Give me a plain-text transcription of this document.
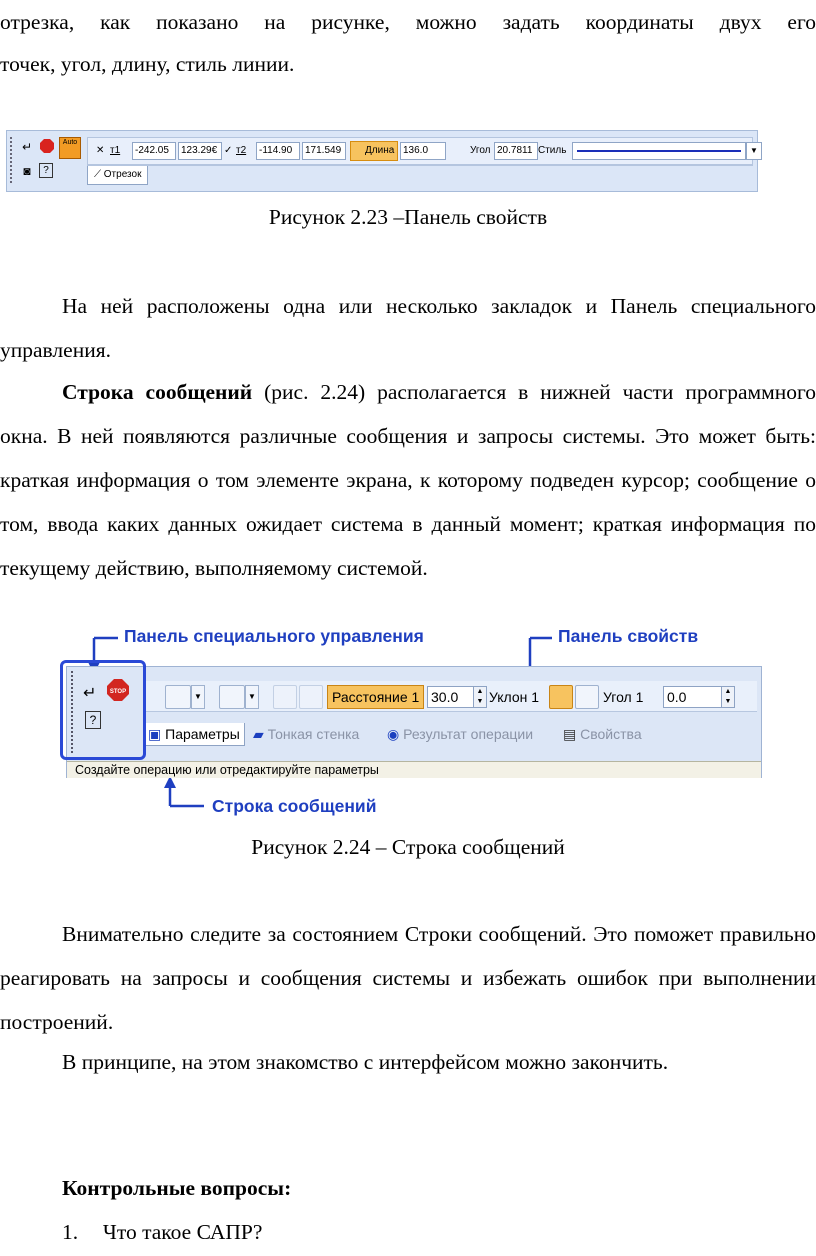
отрезка, как показано на рисунке, можно задать координаты двух его

точек, угол, длину, стиль линии.

↵	Auto
◙	?
✕ т1	-242.05	123.29€ ✓ т2	-114.90	171.549	Длина 136.0	Угол 20.7811 Стиль	▼
⟋ Отрезок

Рисунок 2.23 –Панель свойств

На ней расположены одна или несколько закладок и Панель специального управления.

Строка сообщений (рис. 2.24) располагается в нижней части программного окна. В ней появляются различные сообщения и запросы системы. Это может быть: краткая информация о том элементе экрана, к которому подведен курсор; сообщение о том, ввода каких данных ожидает система в данный момент; краткая информация по текущему действию, выполняемому системой.

Панель специального управления	Панель свойств
↵ STOP
?
▼	▼	Расстояние 1 30.0	▲
▼ Уклон 1	Угол 1 0.0	▲
▼
▣ Параметры ▰ Тонкая стенка ◉ Результат операции ▤ Свойства
Создайте операцию или отредактируйте параметры
Строка сообщений

Рисунок 2.24 – Строка сообщений

Внимательно следите за состоянием Строки сообщений. Это поможет правильно реагировать на запросы и сообщения системы и избежать ошибок при выполнении построений.

В принципе, на этом знакомство с интерфейсом можно закончить.

Контрольные вопросы:

1. Что такое САПР?
